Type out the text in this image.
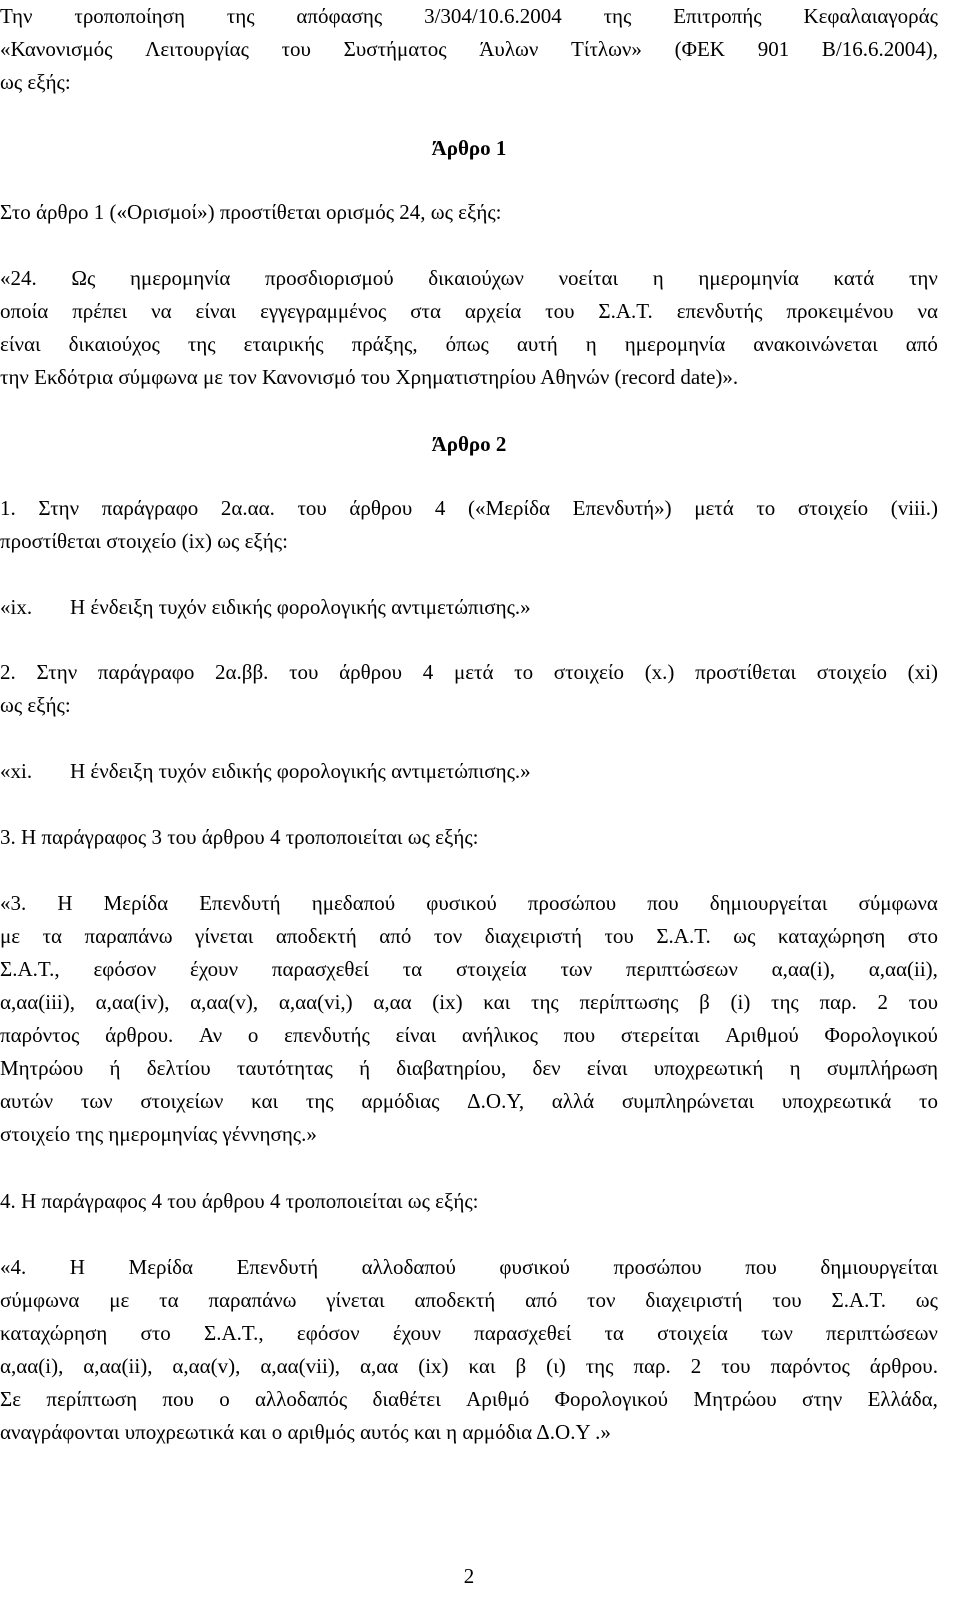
Την τροποποίηση της απόφασης 3/304/10.6.2004 της Επιτροπής Κεφαλαιαγοράς
«Κανονισμός Λειτουργίας του Συστήματος Άυλων Τίτλων» (ΦΕΚ 901 Β/16.6.2004),
ως εξής:
Άρθρο 1
Στο άρθρο 1 («Ορισμοί») προστίθεται ορισμός 24, ως εξής:
«24. Ως ημερομηνία προσδιορισμού δικαιούχων νοείται η ημερομηνία κατά την
οποία πρέπει να είναι εγγεγραμμένος στα αρχεία του Σ.Α.Τ. επενδυτής προκειμένου να
είναι δικαιούχος της εταιρικής πράξης, όπως αυτή η ημερομηνία ανακοινώνεται από
την Εκδότρια σύμφωνα με τον Κανονισμό του Χρηματιστηρίου Αθηνών (record date)».
Άρθρο 2
1. Στην παράγραφο 2α.αα. του άρθρου 4 («Μερίδα Επενδυτή») μετά το στοιχείο (viii.)
προστίθεται στοιχείο (ix) ως εξής:
«ix.	Η ένδειξη τυχόν ειδικής φορολογικής αντιμετώπισης.»
2. Στην παράγραφο 2α.ββ. του άρθρου 4 μετά το στοιχείο (x.) προστίθεται στοιχείο (xi)
ως εξής:
«xi.	Η ένδειξη τυχόν ειδικής φορολογικής αντιμετώπισης.»
3. Η παράγραφος 3 του άρθρου 4 τροποποιείται ως εξής:
«3. Η Μερίδα Επενδυτή ημεδαπού φυσικού προσώπου που δημιουργείται σύμφωνα
με τα παραπάνω γίνεται αποδεκτή από τον διαχειριστή του Σ.Α.Τ. ως καταχώρηση στο
Σ.Α.Τ., εφόσον έχουν παρασχεθεί τα στοιχεία των περιπτώσεων α,αα(i), α,αα(ii),
α,αα(iii), α,αα(iv), α,αα(v), α,αα(vi,) α,αα (ix) και της περίπτωσης β (i) της παρ. 2 του
παρόντος άρθρου. Αν ο επενδυτής είναι ανήλικος που στερείται Αριθμού Φορολογικού
Μητρώου ή δελτίου ταυτότητας ή διαβατηρίου, δεν είναι υποχρεωτική η συμπλήρωση
αυτών των στοιχείων και της αρμόδιας Δ.Ο.Υ, αλλά συμπληρώνεται υποχρεωτικά το
στοιχείο της ημερομηνίας γέννησης.»
4. Η παράγραφος 4 του άρθρου 4 τροποποιείται ως εξής:
«4. Η Μερίδα Επενδυτή αλλοδαπού φυσικού προσώπου που δημιουργείται
σύμφωνα με τα παραπάνω γίνεται αποδεκτή από τον διαχειριστή του Σ.Α.Τ. ως
καταχώρηση στο Σ.Α.Τ., εφόσον έχουν παρασχεθεί τα στοιχεία των περιπτώσεων
α,αα(i), α,αα(ii), α,αα(v), α,αα(vii), α,αα (ix) και β (ι) της παρ. 2 του παρόντος άρθρου.
Σε περίπτωση που ο αλλοδαπός διαθέτει Αριθμό Φορολογικού Μητρώου στην Ελλάδα,
αναγράφονται υποχρεωτικά και ο αριθμός αυτός και η αρμόδια Δ.Ο.Υ .»
2
